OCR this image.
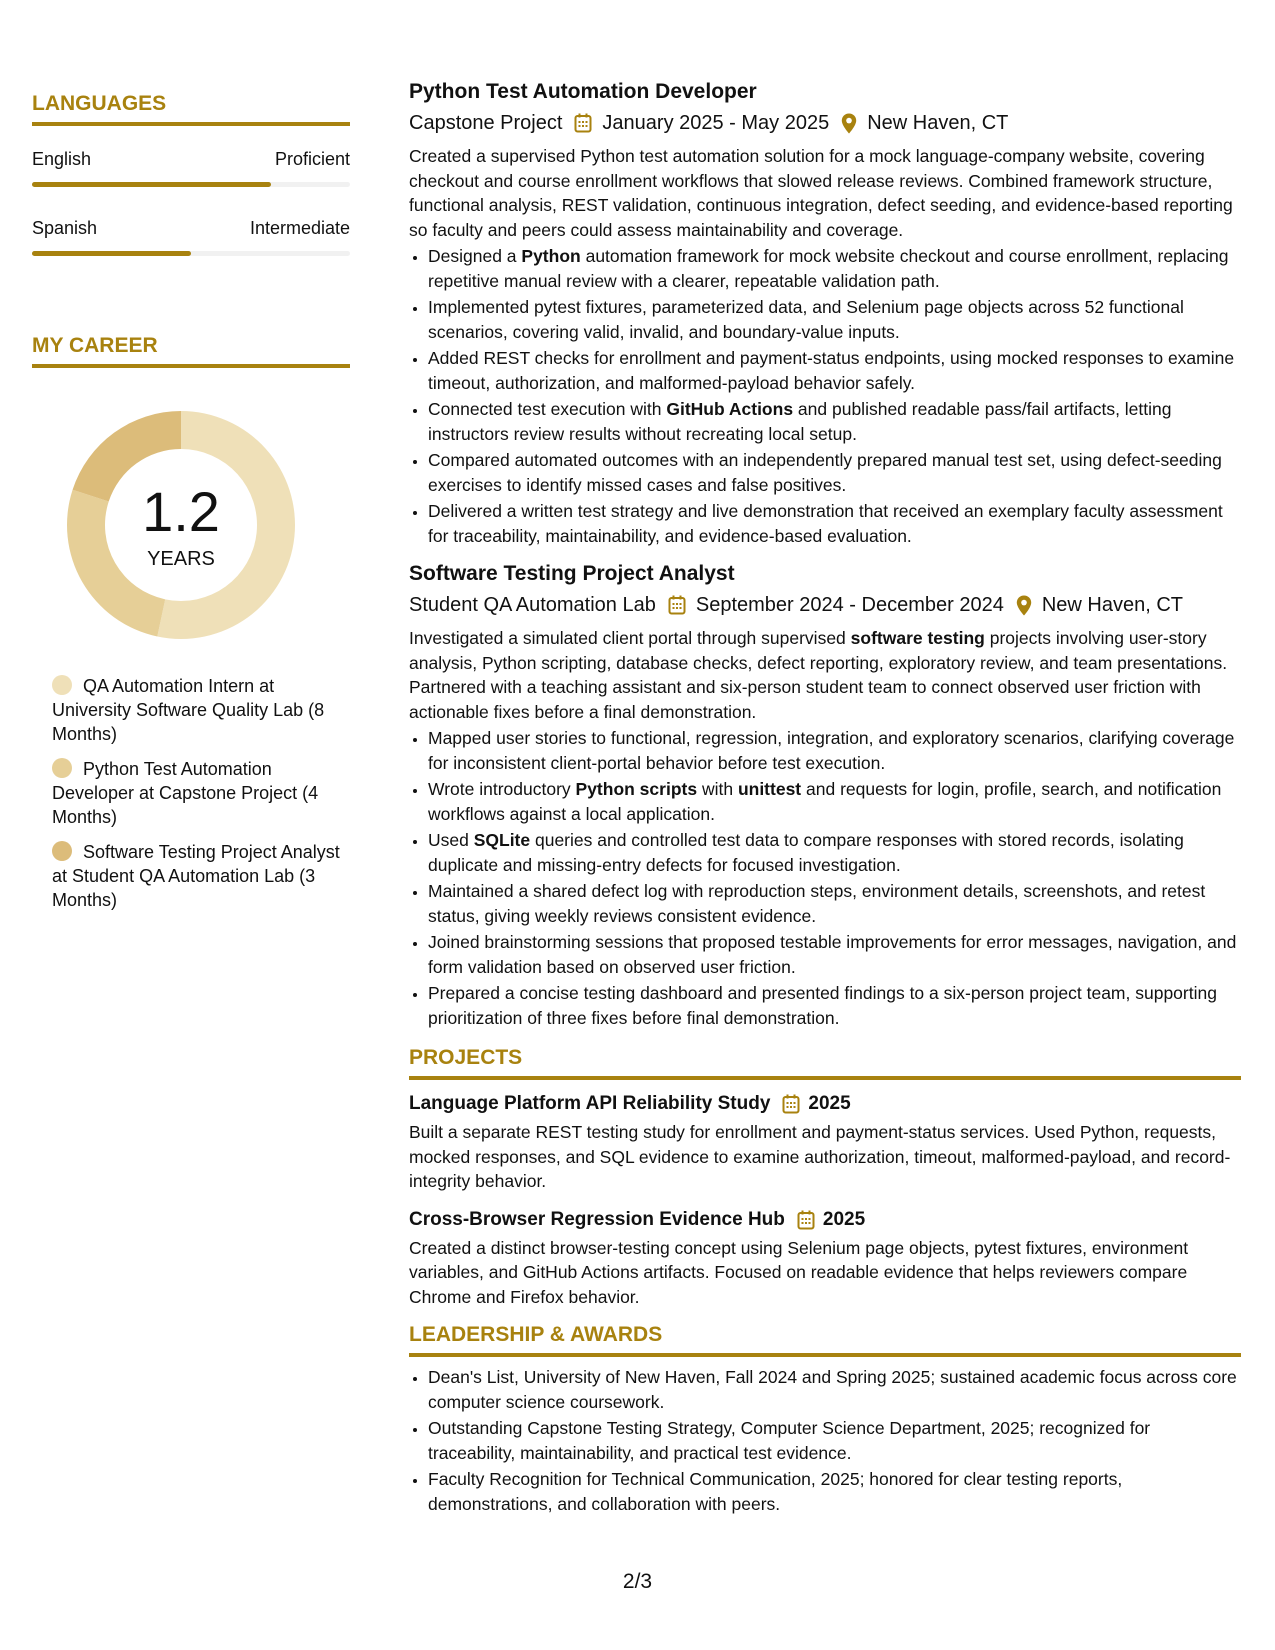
LANGUAGES
English	Proficient
Spanish	Intermediate
MY CAREER
1.2
YEARS
QA Automation Intern at University Software Quality Lab (8 Months)
Python Test Automation Developer at Capstone Project (4 Months)
Software Testing Project Analyst at Student QA Automation Lab (3 Months)
Python Test Automation Developer
Capstone Project January 2025 - May 2025 New Haven, CT

Created a supervised Python test automation solution for a mock language-company website, covering checkout and course enrollment workflows that slowed release reviews. Combined framework structure, functional analysis, REST validation, continuous integration, defect seeding, and evidence-based reporting so faculty and peers could assess maintainability and coverage.

• Designed a Python automation framework for mock website checkout and course enrollment, replacing repetitive manual review with a clearer, repeatable validation path.
• Implemented pytest fixtures, parameterized data, and Selenium page objects across 52 functional scenarios, covering valid, invalid, and boundary-value inputs.
• Added REST checks for enrollment and payment-status endpoints, using mocked responses to examine timeout, authorization, and malformed-payload behavior safely.
• Connected test execution with GitHub Actions and published readable pass/fail artifacts, letting instructors review results without recreating local setup.
• Compared automated outcomes with an independently prepared manual test set, using defect-seeding exercises to identify missed cases and false positives.
• Delivered a written test strategy and live demonstration that received an exemplary faculty assessment for traceability, maintainability, and evidence-based evaluation.
Software Testing Project Analyst
Student QA Automation Lab September 2024 - December 2024 New Haven, CT

Investigated a simulated client portal through supervised software testing projects involving user-story analysis, Python scripting, database checks, defect reporting, exploratory review, and team presentations. Partnered with a teaching assistant and six-person student team to connect observed user friction with actionable fixes before a final demonstration.

• Mapped user stories to functional, regression, integration, and exploratory scenarios, clarifying coverage for inconsistent client-portal behavior before test execution.
• Wrote introductory Python scripts with unittest and requests for login, profile, search, and notification workflows against a local application.
• Used SQLite queries and controlled test data to compare responses with stored records, isolating duplicate and missing-entry defects for focused investigation.
• Maintained a shared defect log with reproduction steps, environment details, screenshots, and retest status, giving weekly reviews consistent evidence.
• Joined brainstorming sessions that proposed testable improvements for error messages, navigation, and form validation based on observed user friction.
• Prepared a concise testing dashboard and presented findings to a six-person project team, supporting prioritization of three fixes before final demonstration.
PROJECTS
Language Platform API Reliability Study 2025

Built a separate REST testing study for enrollment and payment-status services. Used Python, requests, mocked responses, and SQL evidence to examine authorization, timeout, malformed-payload, and record-integrity behavior.

Cross-Browser Regression Evidence Hub 2025

Created a distinct browser-testing concept using Selenium page objects, pytest fixtures, environment variables, and GitHub Actions artifacts. Focused on readable evidence that helps reviewers compare Chrome and Firefox behavior.

LEADERSHIP & AWARDS
• Dean's List, University of New Haven, Fall 2024 and Spring 2025; sustained academic focus across core computer science coursework.
• Outstanding Capstone Testing Strategy, Computer Science Department, 2025; recognized for traceability, maintainability, and practical test evidence.
• Faculty Recognition for Technical Communication, 2025; honored for clear testing reports, demonstrations, and collaboration with peers.
2/3
